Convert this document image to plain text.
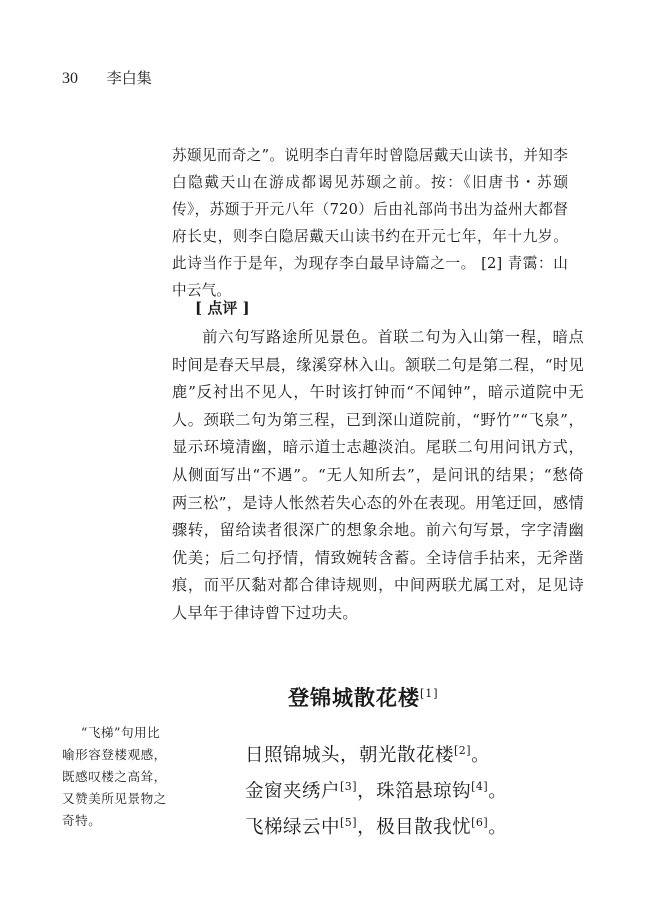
30 李白集

苏颋见而奇之”。说明李白青年时曾隐居戴天山读书，并知李白隐戴天山在游成都谒见苏颋之前。按：《旧唐书・苏颋传》，苏颋于开元八年（720）后由礼部尚书出为益州大都督府长史，则李白隐居戴天山读书约在开元七年，年十九岁。此诗当作于是年，为现存李白最早诗篇之一。 [2] 青霭：山中云气。

[ 点评 ]

前六句写路途所见景色。首联二句为入山第一程，暗点时间是春天早晨，缘溪穿林入山。颔联二句是第二程，“时见鹿”反衬出不见人，午时该打钟而“不闻钟”，暗示道院中无人。颈联二句为第三程，已到深山道院前，“野竹”“飞泉”，显示环境清幽，暗示道士志趣淡泊。尾联二句用问讯方式，从侧面写出“不遇”。“无人知所去”，是问讯的结果；“愁倚两三松”，是诗人怅然若失心态的外在表现。用笔迂回，感情骤转，留给读者很深广的想象余地。前六句写景，字字清幽优美；后二句抒情，情致婉转含蓄。全诗信手拈来，无斧凿痕，而平仄黏对都合律诗规则，中间两联尤属工对，足见诗人早年于律诗曾下过功夫。

登锦城散花楼[1]
日照锦城头，朝光散花楼[2]。
金窗夹绣户[3]，珠箔悬琼钩[4]。
飞梯绿云中[5]，极目散我忧[6]。

“飞梯”句用比喻形容登楼观感，既感叹楼之高耸，又赞美所见景物之奇特。
